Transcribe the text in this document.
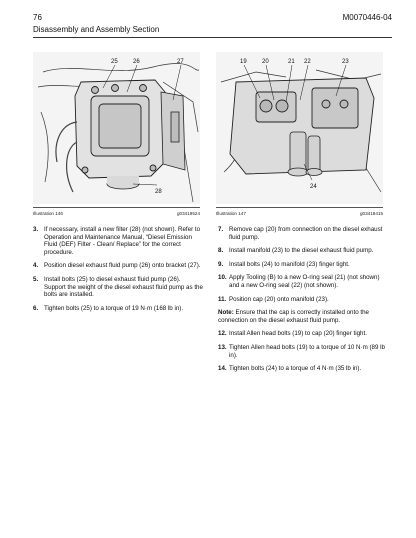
76	M0070446-04
Disassembly and Assembly Section
25	26	27
28
19	20	21 22	23
24
Illustration 146	g03419524	Illustration 147	g03419415
3. If necessary, install a new filter (28) (not shown). Refer to Operation and Maintenance Manual, “Diesel Emission Fluid (DEF) Filter - Clean/ Replace” for the correct procedure.
4. Position diesel exhaust fluid pump (26) onto bracket (27).
5. Install bolts (25) to diesel exhaust fluid pump (26). Support the weight of the diesel exhaust fluid pump as the bolts are installed.
6. Tighten bolts (25) to a torque of 19 N·m (168 lb in).
7. Remove cap (20) from connection on the diesel exhaust fluid pump.
8. Install manifold (23) to the diesel exhaust fluid pump.
9. Install bolts (24) to manifold (23) finger tight.
10. Apply Tooling (B) to a new O-ring seal (21) (not shown) and a new O-ring seal (22) (not shown).
11. Position cap (20) onto manifold (23).

Note: Ensure that the cap is correctly installed onto the connection on the diesel exhaust fluid pump.

12. Install Allen head bolts (19) to cap (20) finger tight.
13. Tighten Allen head bolts (19) to a torque of 10 N·m (89 lb in).
14. Tighten bolts (24) to a torque of 4 N·m (35 lb in).
